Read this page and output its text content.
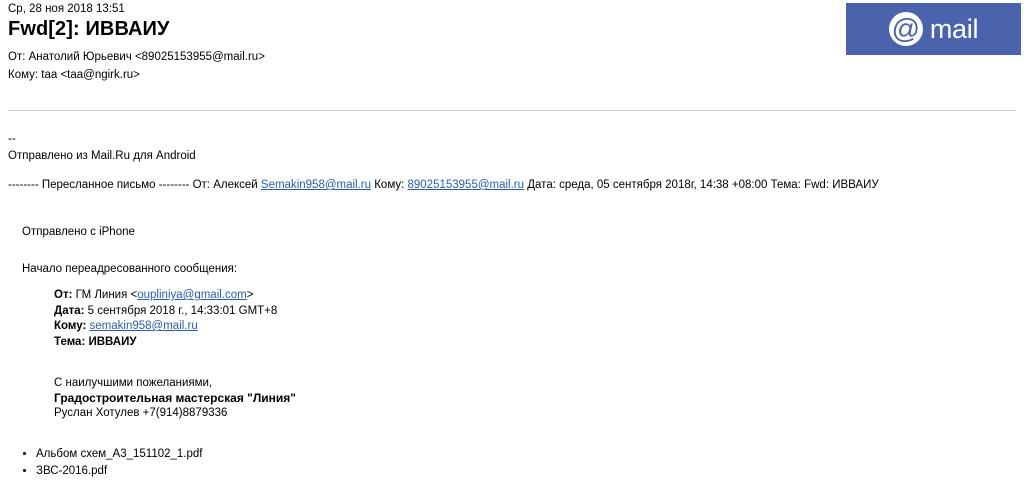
Ср, 28 ноя 2018 13:51
Fwd[2]: ИВВАИУ
От: Анатолий Юрьевич <89025153955@mail.ru>
Кому: taa <taa@ngirk.ru>
@ mail
--
Отправлено из Mail.Ru для Android
-------- Пересланное письмо -------- От: Алексей Semakin958@mail.ru Кому: 89025153955@mail.ru Дата: среда, 05 сентября 2018г, 14:38 +08:00 Тема: Fwd: ИВВАИУ

Отправлено с iPhone

Начало переадресованного сообщения:

От: ГМ Линия <oupliniya@gmail.com>
Дата: 5 сентября 2018 г., 14:33:01 GMT+8
Кому: semakin958@mail.ru
Тема: ИВВАИУ
С наилучшими пожеланиями,
Градостроительная мастерская "Линия"
Руслан Хотулев +7(914)8879336
• Альбом схем_A3_151102_1.pdf
• ЗВС-2016.pdf
